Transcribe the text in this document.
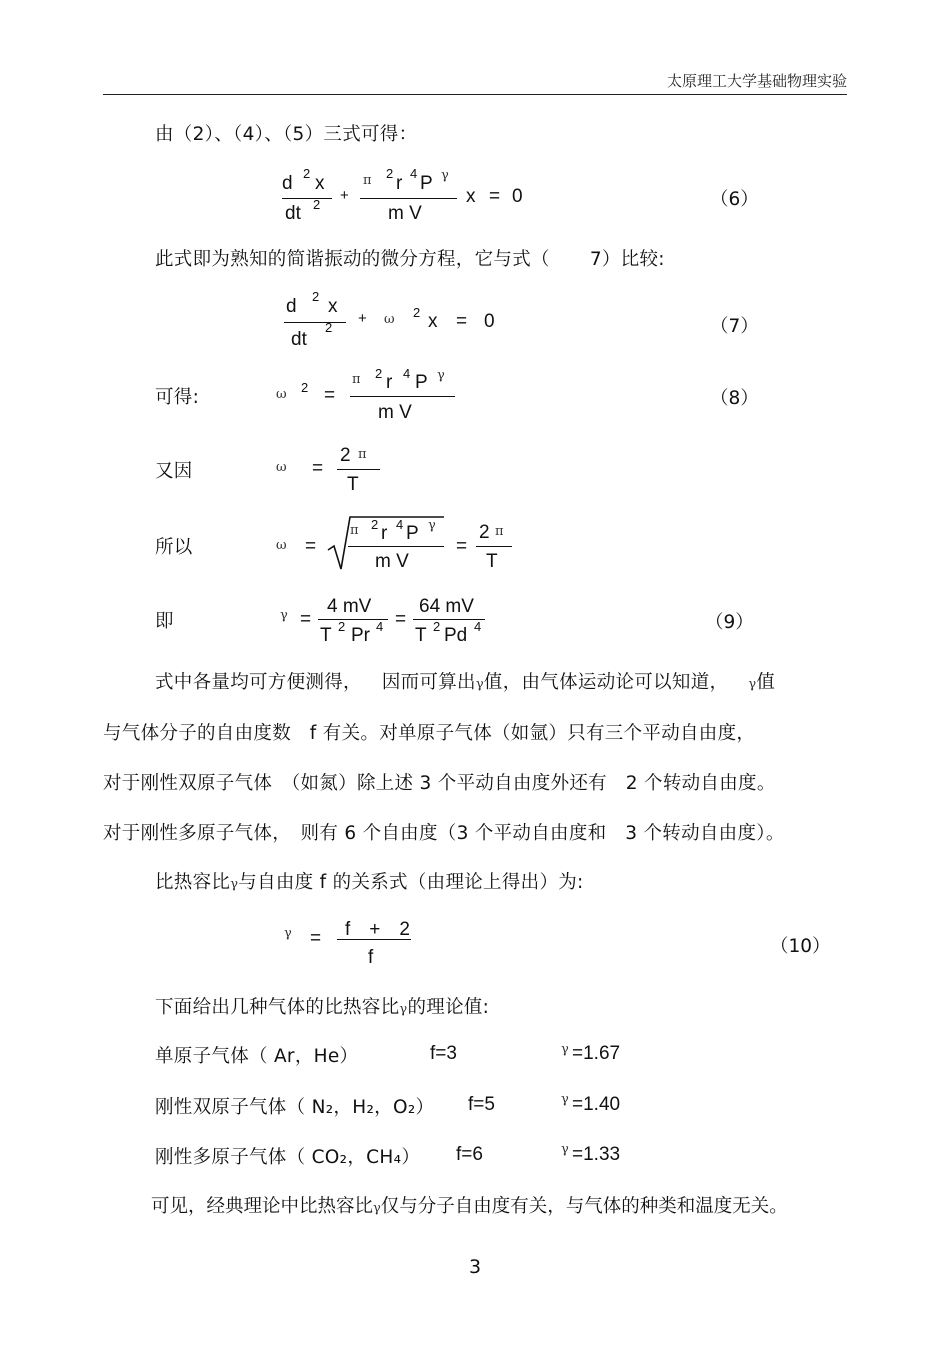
太原理工大学基础物理实验
由（2）、（4）、（5）三式可得：
d 2 x
dt 2
+
π 2 r 4 P γ
m V
x = 0	（6）
此式即为熟知的简谐振动的微分方程，它与式（ 7）比较:
d 2 x
dt
2
+ ω 2 x = 0	（7）
可得:	ω 2 =
π 2 r 4 P γ
m V
（8）
又因	ω =
2 π
T
所以	ω =
π 2 r 4 P γ
m V
=
2 π
T
即	γ =
4 mV
T 2 Pr 4 =
64 mV
T 2 Pd 4	（9）
式中各量均可方便测得， 因而可算出γ值，由气体运动论可以知道， γ值
与气体分子的自由度数　f 有关。对单原子气体（如氩）只有三个平动自由度，
对于刚性双原子气体　（如氮）除上述 3 个平动自由度外还有　2 个转动自由度。
对于刚性多原子气体，　则有 6 个自由度（3 个平动自由度和　3 个转动自由度）。
比热容比γ与自由度 f 的关系式（由理论上得出）为:
γ = f　+　2
f
（10）
下面给出几种气体的比热容比γ的理论值:
单原子气体（ Ar，He）	f=3	γ =1.67
刚性双原子气体（ N₂，H₂，O₂） f=5	γ =1.40
刚性多原子气体（ CO₂，CH₄） f=6	γ =1.33
可见，经典理论中比热容比γ仅与分子自由度有关，与气体的种类和温度无关。
3
